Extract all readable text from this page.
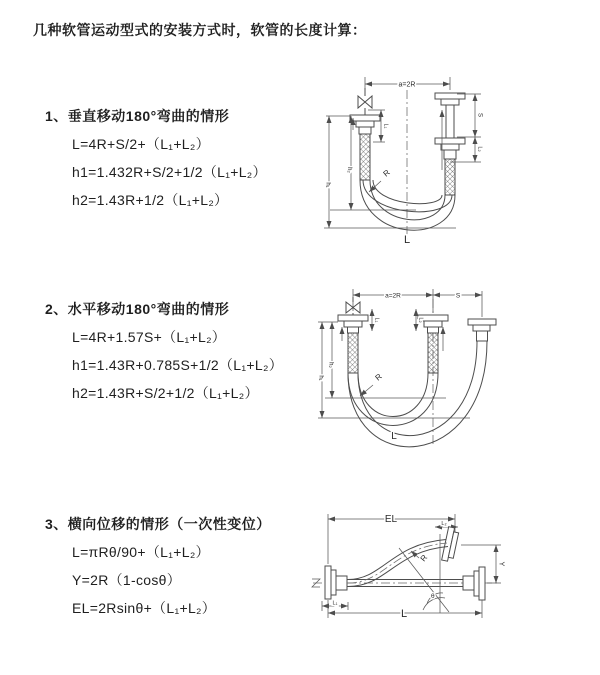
几种软管运动型式的安装方式时，软管的长度计算：
1、垂直移动180°弯曲的情形
L=4R+S/2+（L₁+L₂）
h1=1.432R+S/2+1/2（L₁+L₂）
h2=1.43R+1/2（L₁+L₂）
a=2R
L₁
S
L₂
h₁
h₂	R
L
2、水平移动180°弯曲的情形
L=4R+1.57S+（L₁+L₂）
h1=1.43R+0.785S+1/2（L₁+L₂）
h2=1.43R+S/2+1/2（L₁+L₂）
a=2R	S
L₁	L₂
h₁
h₂
R
L
3、横向位移的情形（一次性变位）
L=πRθ/90+（L₁+L₂）
Y=2R（1-cosθ）
EL=2Rsinθ+（L₁+L₂）
EL	L₂
θ
R
L₁
L
Y
